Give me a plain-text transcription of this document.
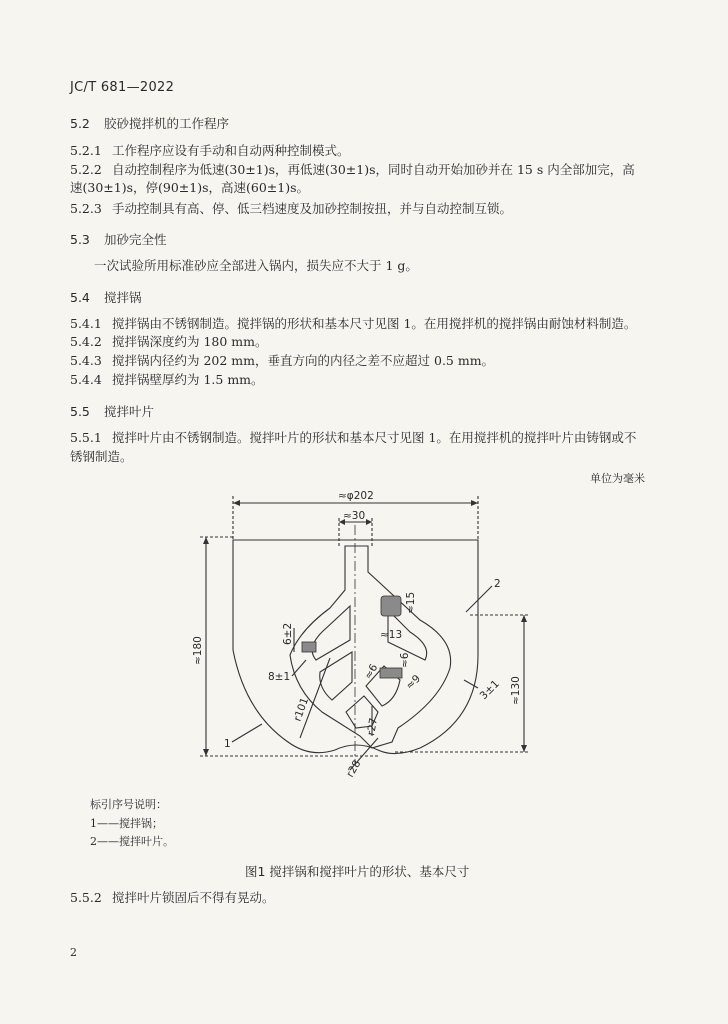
JC/T 681—2022
5.2 胶砂搅拌机的工作程序
5.2.1 工作程序应设有手动和自动两种控制模式。
5.2.2 自动控制程序为低速(30±1)s，再低速(30±1)s，同时自动开始加砂并在 15 s 内全部加完，高
速(30±1)s，停(90±1)s，高速(60±1)s。
5.2.3 手动控制具有高、停、低三档速度及加砂控制按扭，并与自动控制互锁。
5.3 加砂完全性
一次试验所用标准砂应全部进入锅内，损失应不大于 1 g。
5.4 搅拌锅
5.4.1 搅拌锅由不锈钢制造。搅拌锅的形状和基本尺寸见图 1。在用搅拌机的搅拌锅由耐蚀材料制造。
5.4.2 搅拌锅深度约为 180 mm。
5.4.3 搅拌锅内径约为 202 mm，垂直方向的内径之差不应超过 0.5 mm。
5.4.4 搅拌锅壁厚约为 1.5 mm。
5.5 搅拌叶片
5.5.1 搅拌叶片由不锈钢制造。搅拌叶片的形状和基本尺寸见图 1。在用搅拌机的搅拌叶片由铸钢或不
锈钢制造。
单位为毫米
≈φ202
≈30
≈180
≈130
≈15
≈13
≈6
≈6
≈9
6±2
8±1
3±1
r101
r27
r28
1
2
标引序号说明：
1——搅拌锅；
2——搅拌叶片。
图1 搅拌锅和搅拌叶片的形状、基本尺寸
5.5.2 搅拌叶片锁固后不得有晃动。
2
